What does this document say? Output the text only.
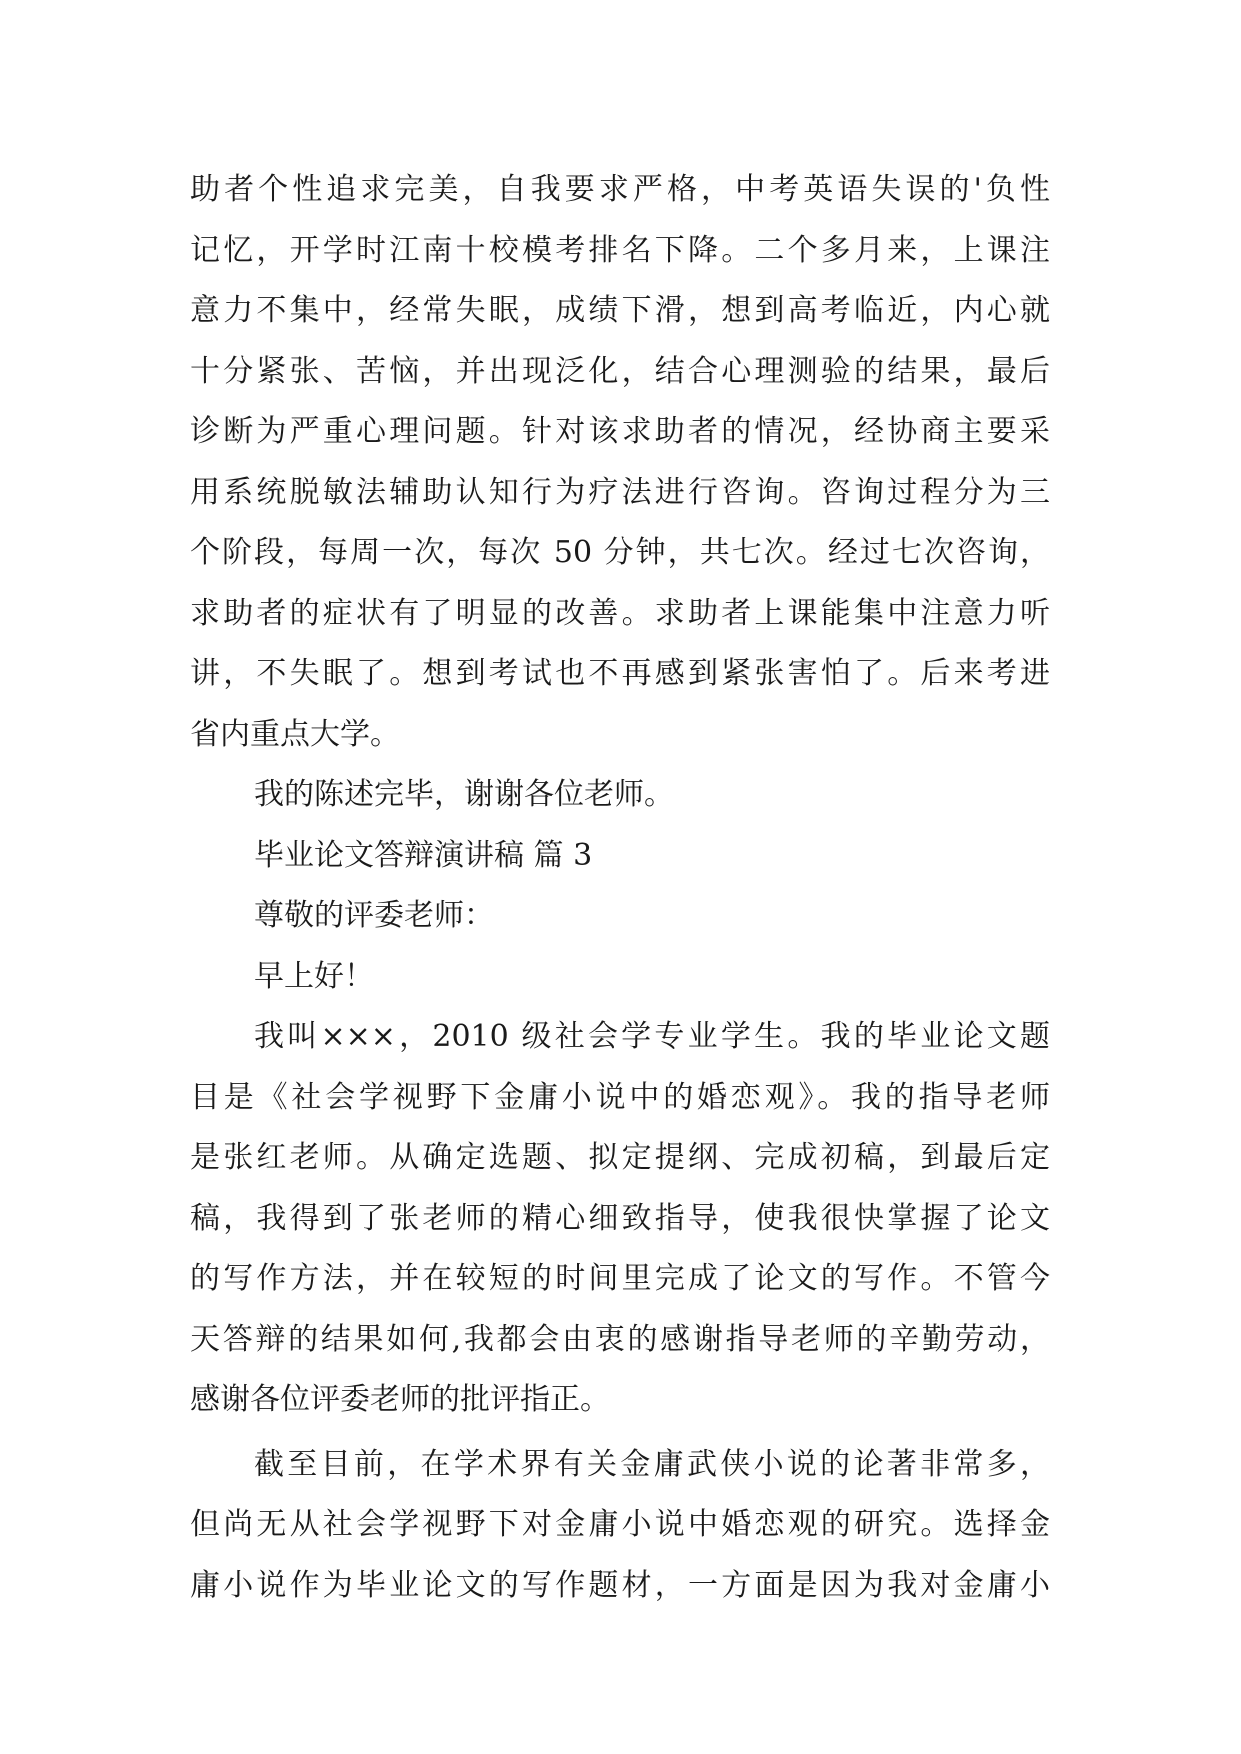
助者个性追求完美，自我要求严格，中考英语失误的'负性
记忆，开学时江南十校模考排名下降。二个多月来，上课注
意力不集中，经常失眠，成绩下滑，想到高考临近，内心就
十分紧张、苦恼，并出现泛化，结合心理测验的结果，最后
诊断为严重心理问题。针对该求助者的情况，经协商主要采
用系统脱敏法辅助认知行为疗法进行咨询。咨询过程分为三
个阶段，每周一次，每次 50 分钟，共七次。经过七次咨询，
求助者的症状有了明显的改善。求助者上课能集中注意力听
讲，不失眠了。想到考试也不再感到紧张害怕了。后来考进
省内重点大学。
我的陈述完毕，谢谢各位老师。
毕业论文答辩演讲稿 篇 3
尊敬的评委老师：
早上好！
我叫×××，2010 级社会学专业学生。我的毕业论文题
目是《社会学视野下金庸小说中的婚恋观》。我的指导老师
是张红老师。从确定选题、拟定提纲、完成初稿，到最后定
稿，我得到了张老师的精心细致指导，使我很快掌握了论文
的写作方法，并在较短的时间里完成了论文的写作。不管今
天答辩的结果如何,我都会由衷的感谢指导老师的辛勤劳动，
感谢各位评委老师的批评指正。
截至目前，在学术界有关金庸武侠小说的论著非常多，
但尚无从社会学视野下对金庸小说中婚恋观的研究。选择金
庸小说作为毕业论文的写作题材，一方面是因为我对金庸小
